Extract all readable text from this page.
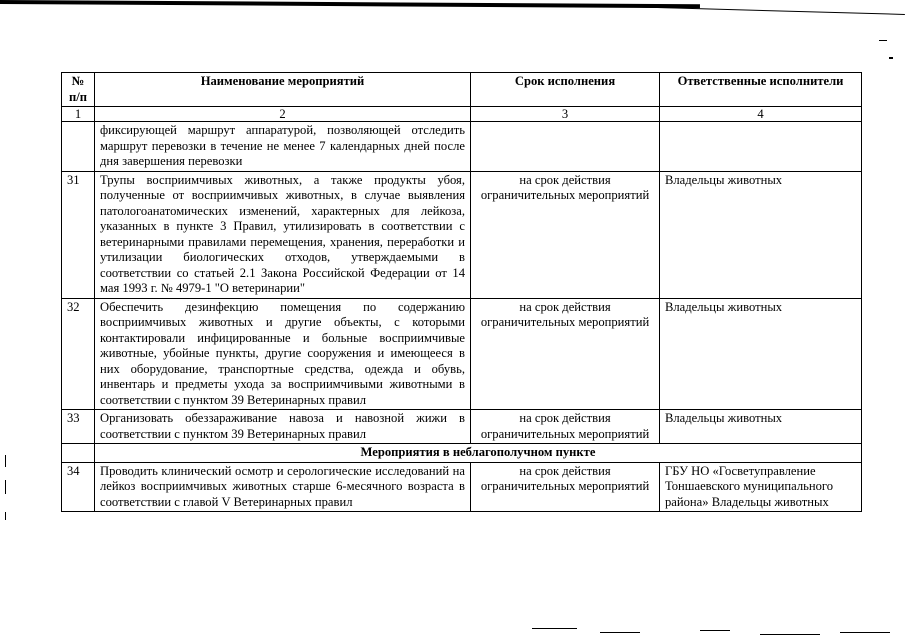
№ п/п	Наименование мероприятий	Срок исполнения	Ответственные исполнители
1	2	3	4
	фиксирующей маршрут аппаратурой, позволяющей отследить маршрут перевозки в течение не менее 7 календарных дней после дня завершения перевозки		
31	Трупы восприимчивых животных, а также продукты убоя, полученные от восприимчивых животных, в случае выявления патологоанатомических изменений, характерных для лейкоза, указанных в пункте 3 Правил, утилизировать в соответствии с ветеринарными правилами перемещения, хранения, переработки и утилизации биологических отходов, утверждаемыми в соответствии со статьей 2.1 Закона Российской Федерации от 14 мая 1993 г. № 4979-1 "О ветеринарии"	на срок действия ограничительных мероприятий	Владельцы животных
32	Обеспечить дезинфекцию помещения по содержанию восприимчивых животных и другие объекты, с которыми контактировали инфицированные и больные восприимчивые животные, убойные пункты, другие сооружения и имеющееся в них оборудование, транспортные средства, одежда и обувь, инвентарь и предметы ухода за восприимчивыми животными в соответствии с пунктом 39 Ветеринарных правил	на срок действия ограничительных мероприятий	Владельцы животных
33	Организовать обеззараживание навоза и навозной жижи в соответствии с пунктом 39 Ветеринарных правил	на срок действия ограничительных мероприятий	Владельцы животных
	Мероприятия в неблагополучном пункте		
34	Проводить клинический осмотр и серологические исследований на лейкоз восприимчивых животных старше 6-месячного возраста в соответствии с главой V Ветеринарных правил	на срок действия ограничительных мероприятий	ГБУ НО «Госветуправление Тоншаевского муниципального района» Владельцы животных
